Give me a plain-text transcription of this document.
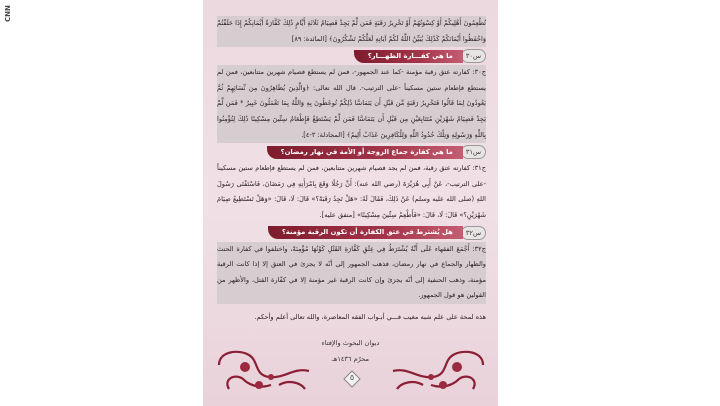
CNN

تُطْعِمُونَ أَهْلِيكُمْ أَوْ كِسْوَتُهُمْ أَوْ تَحْرِيرُ رَقَبَةٍ فَمَن لَّمْ يَجِدْ فَصِيَامُ ثَلَاثَةِ أَيَّامٍ ذَٰلِكَ كَفَّارَةُ أَيْمَانِكُمْ إِذَا حَلَفْتُمْ وَاحْفَظُوا أَيْمَانَكُمْ كَذَٰلِكَ يُبَيِّنُ اللَّهُ لَكُمْ آيَاتِهِ لَعَلَّكُمْ تَشْكُرُونَ﴾ [المائدة: ٨٩]

س٣٠
ما هي كفـــارة الظهـــار؟

ج٣٠: كفارته عتق رقبة مؤمنة -كما عند الجمهور-، فمن لم يستطع فصيام شهرين متتابعين، فمن لم يستطع فإطعام ستين مسكيناً -على الترتيب-. قال الله تعالى: ﴿وَالَّذِينَ يُظَاهِرُونَ مِن نِّسَائِهِمْ ثُمَّ يَعُودُونَ لِمَا قَالُوا فَتَحْرِيرُ رَقَبَةٍ مِّن قَبْلِ أَن يَتَمَاسَّا ذَٰلِكُمْ تُوعَظُونَ بِهِ وَاللَّهُ بِمَا تَعْمَلُونَ خَبِيرٌ * فَمَن لَّمْ يَجِدْ فَصِيَامُ شَهْرَيْنِ مُتَتَابِعَيْنِ مِن قَبْلِ أَن يَتَمَاسَّا فَمَن لَّمْ يَسْتَطِعْ فَإِطْعَامُ سِتِّينَ مِسْكِينًا ذَٰلِكَ لِتُؤْمِنُوا بِاللَّهِ وَرَسُولِهِ وَتِلْكَ حُدُودُ اللَّهِ وَلِلْكَافِرِينَ عَذَابٌ أَلِيمٌ﴾ [المجادلة: ٣-٤].

س٣١
ما هي كفارة جماع الزوجة أو الأمة في نهار رمضان؟

ج٣١: كفارته عتق رقبة، فمن لم يجد فصيام شهرين متتابعين، فمن لم يستطع فإطعام ستين مسكيناً -على الترتيب-، عَنْ أَبِي هُرَيْرَةَ (رضي الله عنه): أَنَّ رَجُلًا وَقَعَ بِامْرَأَتِهِ فِي رَمَضَانَ، فَاسْتَفْتَى رَسُولَ اللهِ (صلى الله عليه وسلم) عَنْ ذَلِكَ، فَقَالَ لَهُ: «هَلْ تَجِدُ رَقَبَةً؟» قَالَ: لَا، قَالَ: «وَهَلْ تَسْتَطِيعُ صِيَامَ شَهْرَيْنِ؟» قَالَ: لَا، قَالَ: «فَأَطْعِمْ سِتِّينَ مِسْكِينًا» [متفق عليه].

س٣٢
هل يُشترط في عتق الكفارة أن تكون الرقبة مؤمنة؟

ج٣٢: أَجْمَعَ الفقهاء عَلَى أَنَّهُ يُشْتَرَطُ فِي عِتْقِ كَفَّارَةِ القَتْلِ كَوْنُهَا مُؤْمِنَةً، واختلفوا في كفارة الحنث والظهار والجماع في نهار رمضان، فذهب الجمهور إلى أنّه لا يجزئ في العتق إلا إذا كانت الرقبة مؤمنة، وذهب الحنفية إلى أنّه يجزئ وإن كانت الرقبة غير مؤمنة إلا في كفّارة القتل، والأظهر من القولين هو قول الجمهور.

هذه لمحة على علم شبه مغيب فـــي أبـواب الفقه المعاصرة، والله تعالى أعلم وأحكم.

ديوان البحوث والإفتاء
محرّم ١٤٣٦هـ
٥
